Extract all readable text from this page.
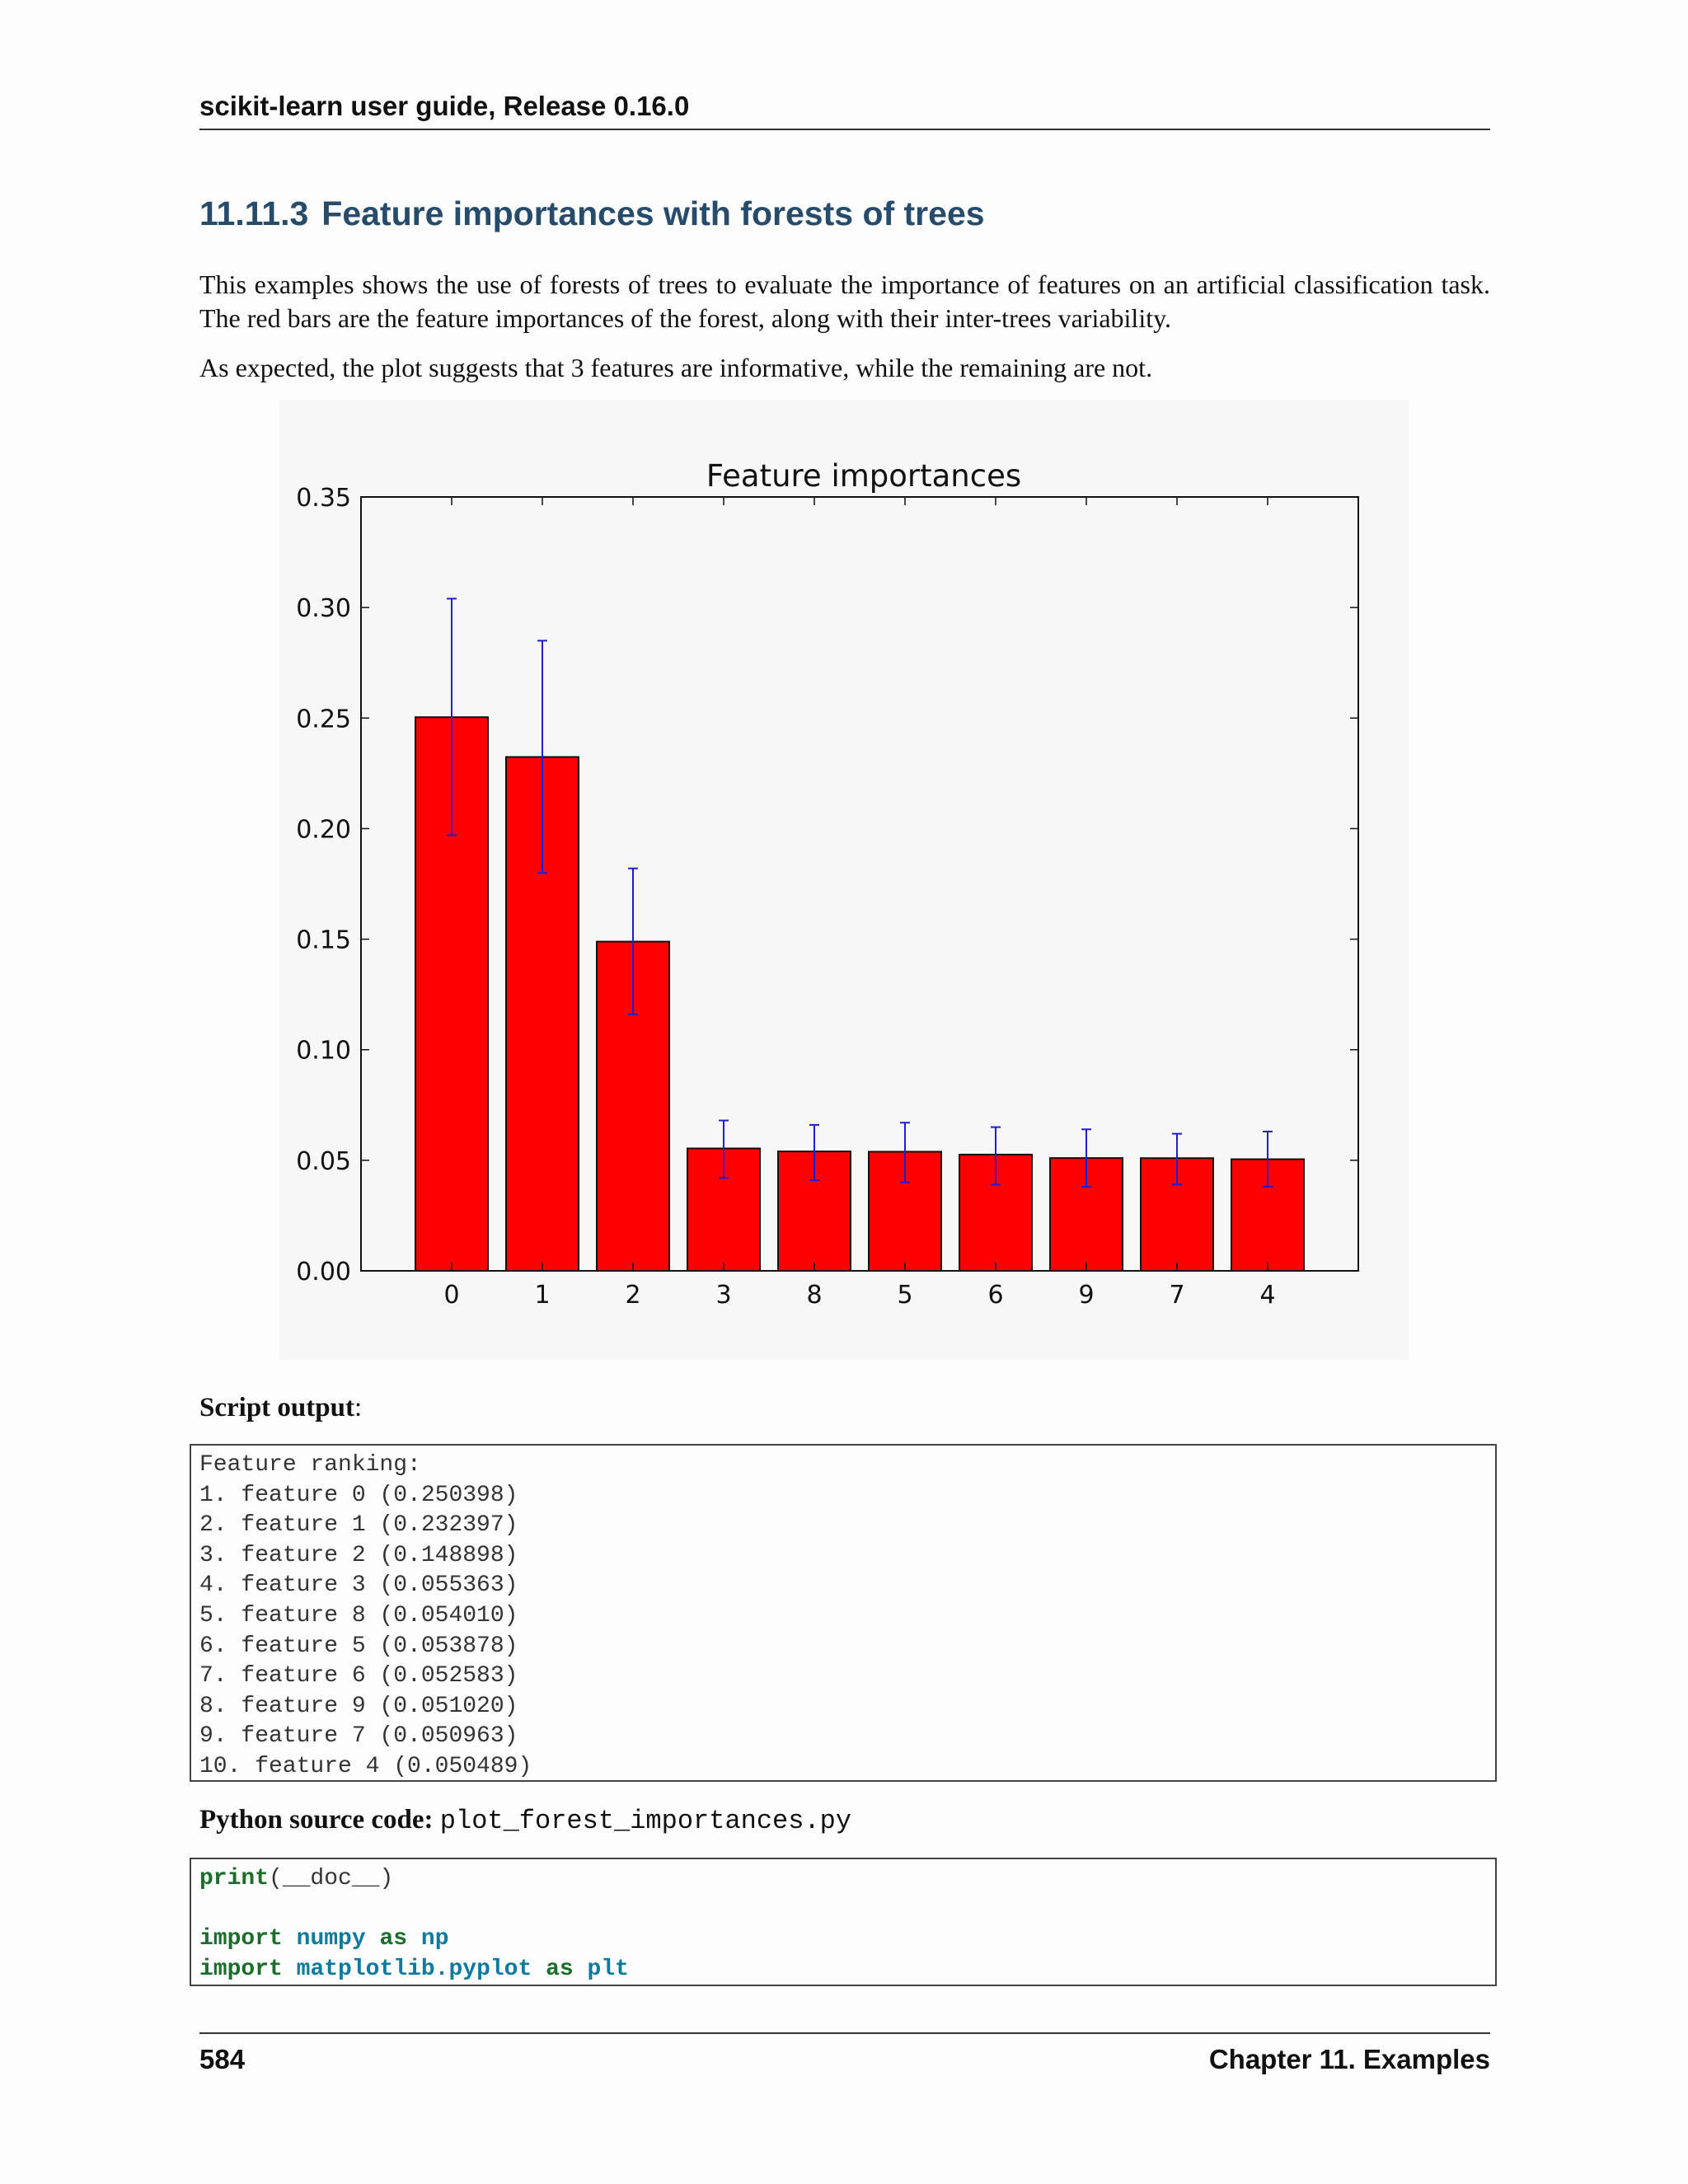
scikit-learn user guide, Release 0.16.0
11.11.3 Feature importances with forests of trees

This examples shows the use of forests of trees to evaluate the importance of features on an artificial classification task. The red bars are the feature importances of the forest, along with their inter-trees variability.

As expected, the plot suggests that 3 features are informative, while the remaining are not.

Feature importances
0.00
0.05
0.10
0.15
0.20
0.25
0.30
0.35
0	1	2	3	8	5	6	9	7	4

Script output:

Feature ranking:
1. feature 0 (0.250398)
2. feature 1 (0.232397)
3. feature 2 (0.148898)
4. feature 3 (0.055363)
5. feature 8 (0.054010)
6. feature 5 (0.053878)
7. feature 6 (0.052583)
8. feature 9 (0.051020)
9. feature 7 (0.050963)
10. feature 4 (0.050489)

Python source code: plot_forest_importances.py

print(__doc__)
import numpy as np
import matplotlib.pyplot as plt
584	Chapter 11. Examples
